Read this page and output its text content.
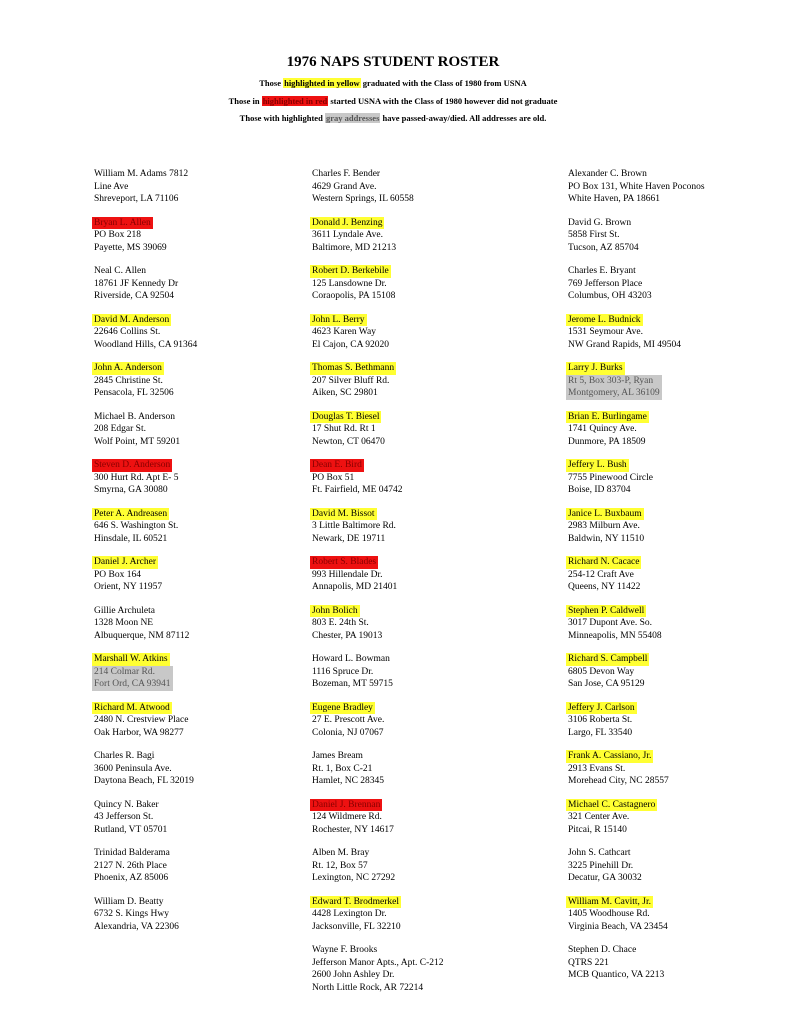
1976 NAPS STUDENT ROSTER
Those highlighted in yellow graduated with the Class of 1980 from USNA
Those in highlighted in red started USNA with the Class of 1980 however did not graduate
Those with highlighted gray addresses have passed-away/died. All addresses are old.
William M. Adams 7812
Line Ave
Shreveport, LA 71106
Bryan L. Allen
PO Box 218
Payette, MS 39069
Neal C. Allen
18761 JF Kennedy Dr
Riverside, CA 92504
David M. Anderson
22646 Collins St.
Woodland Hills, CA 91364
John A. Anderson
2845 Christine St.
Pensacola, FL 32506
Michael B. Anderson
208 Edgar St.
Wolf Point, MT 59201
Steven D. Anderson
300 Hurt Rd. Apt E- 5
Smyrna, GA 30080
Peter A. Andreasen
646 S. Washington St.
Hinsdale, IL 60521
Daniel J. Archer
PO Box 164
Orient, NY 11957
Gillie Archuleta
1328 Moon NE
Albuquerque, NM 87112
Marshall W. Atkins
214 Colmar Rd.
Fort Ord, CA 93941
Richard M. Atwood
2480 N. Crestview Place
Oak Harbor, WA 98277
Charles R. Bagi
3600 Peninsula Ave.
Daytona Beach, FL 32019
Quincy N. Baker
43 Jefferson St.
Rutland, VT 05701
Trinidad Balderama
2127 N. 26th Place
Phoenix, AZ 85006
William D. Beatty
6732 S. Kings Hwy
Alexandria, VA 22306
Charles F. Bender
4629 Grand Ave.
Western Springs, IL 60558
Donald J. Benzing
3611 Lyndale Ave.
Baltimore, MD 21213
Robert D. Berkebile
125 Lansdowne Dr.
Coraopolis, PA 15108
John L. Berry
4623 Karen Way
El Cajon, CA 92020
Thomas S. Bethmann
207 Silver Bluff Rd.
Aiken, SC 29801
Douglas T. Biesel
17 Shut Rd. Rt 1
Newton, CT 06470
Dean E. Bird
PO Box 51
Ft. Fairfield, ME 04742
David M. Bissot
3 Little Baltimore Rd.
Newark, DE 19711
Robert S. Blades
993 Hillendale Dr.
Annapolis, MD 21401
John Bolich
803 E. 24th St.
Chester, PA 19013
Howard L. Bowman
1116 Spruce Dr.
Bozeman, MT 59715
Eugene Bradley
27 E. Prescott Ave.
Colonia, NJ 07067
James Bream
Rt. 1, Box C-21
Hamlet, NC 28345
Daniel J. Brennan
124 Wildmere Rd.
Rochester, NY 14617
Alben M. Bray
Rt. 12, Box 57
Lexington, NC 27292
Edward T. Brodmerkel
4428 Lexington Dr.
Jacksonville, FL 32210
Wayne F. Brooks
Jefferson Manor Apts., Apt. C-212
2600 John Ashley Dr.
North Little Rock, AR 72214
Alexander C. Brown
PO Box 131, White Haven Poconos
White Haven, PA 18661
David G. Brown
5858 First St.
Tucson, AZ 85704
Charles E. Bryant
769 Jefferson Place
Columbus, OH 43203
Jerome L. Budnick
1531 Seymour Ave.
NW Grand Rapids, MI 49504
Larry J. Burks
Rt 5, Box 303-P, Ryan
Montgomery, AL 36109
Brian E. Burlingame
1741 Quincy Ave.
Dunmore, PA 18509
Jeffery L. Bush
7755 Pinewood Circle
Boise, ID 83704
Janice L. Buxbaum
2983 Milburn Ave.
Baldwin, NY 11510
Richard N. Cacace
254-12 Craft Ave
Queens, NY 11422
Stephen P. Caldwell
3017 Dupont Ave. So.
Minneapolis, MN 55408
Richard S. Campbell
6805 Devon Way
San Jose, CA 95129
Jeffery J. Carlson
3106 Roberta St.
Largo, FL 33540
Frank A. Cassiano, Jr.
2913 Evans St.
Morehead City, NC 28557
Michael C. Castagnero
321 Center Ave.
Pitcai, R 15140
John S. Cathcart
3225 Pinehill Dr.
Decatur, GA 30032
William M. Cavitt, Jr.
1405 Woodhouse Rd.
Virginia Beach, VA 23454
Stephen D. Chace
QTRS 221
MCB Quantico, VA 2213
